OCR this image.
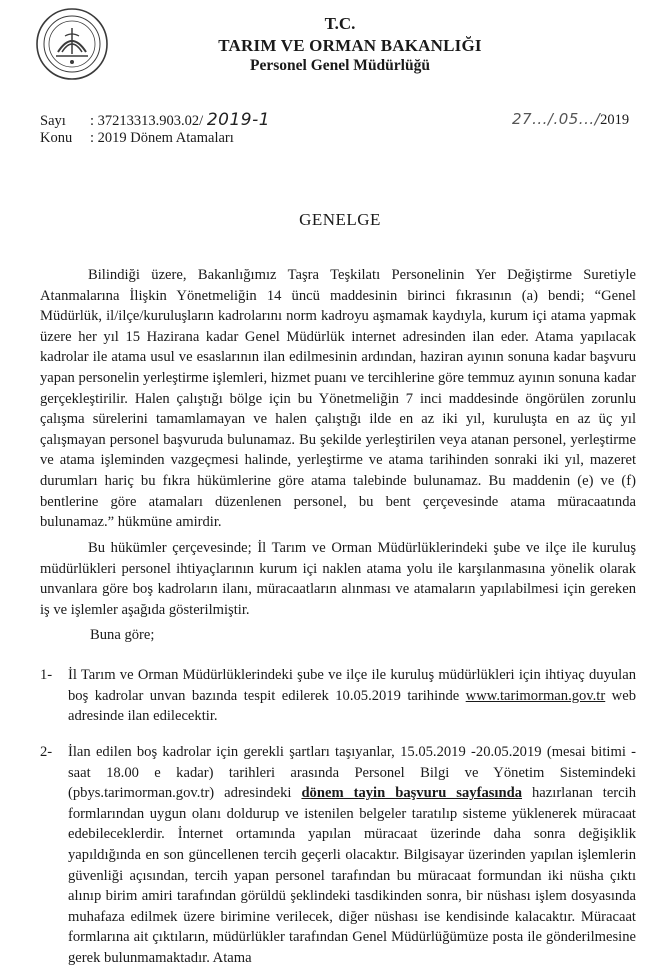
T.C.
TARIM VE ORMAN BAKANLIĞI
Personel Genel Müdürlüğü
Sayı : 37213313.903.02/ 2019-1
Konu : 2019 Dönem Atamaları
27.../.05.../2019
GENELGE

Bilindiği üzere, Bakanlığımız Taşra Teşkilatı Personelinin Yer Değiştirme Suretiyle Atanmalarına İlişkin Yönetmeliğin 14 üncü maddesinin birinci fıkrasının (a) bendi; “Genel Müdürlük, il/ilçe/kuruluşların kadrolarını norm kadroyu aşmamak kaydıyla, kurum içi atama yapmak üzere her yıl 15 Hazirana kadar Genel Müdürlük internet adresinden ilan eder. Atama yapılacak kadrolar ile atama usul ve esaslarının ilan edilmesinin ardından, haziran ayının sonuna kadar başvuru yapan personelin yerleştirme işlemleri, hizmet puanı ve tercihlerine göre temmuz ayının sonuna kadar gerçekleştirilir. Halen çalıştığı bölge için bu Yönetmeliğin 7 inci maddesinde öngörülen zorunlu çalışma sürelerini tamamlamayan ve halen çalıştığı ilde en az iki yıl, kuruluşta en az üç yıl çalışmayan personel başvuruda bulunamaz. Bu şekilde yerleştirilen veya atanan personel, yerleştirme ve atama işleminden vazgeçmesi halinde, yerleştirme ve atama tarihinden sonraki iki yıl, mazeret durumları hariç bu fıkra hükümlerine göre atama talebinde bulunamaz. Bu maddenin (e) ve (f) bentlerine göre atamaları düzenlenen personel, bu bent çerçevesinde atama müracaatında bulunamaz.” hükmüne amirdir.

Bu hükümler çerçevesinde; İl Tarım ve Orman Müdürlüklerindeki şube ve ilçe ile kuruluş müdürlükleri personel ihtiyaçlarının kurum içi naklen atama yolu ile karşılanmasına yönelik olarak unvanlara göre boş kadroların ilanı, müracaatların alınması ve atamaların yapılabilmesi için gereken iş ve işlemler aşağıda gösterilmiştir.

Buna göre;

1-	İl Tarım ve Orman Müdürlüklerindeki şube ve ilçe ile kuruluş müdürlükleri için ihtiyaç duyulan boş kadrolar unvan bazında tespit edilerek 10.05.2019 tarihinde www.tarimorman.gov.tr web adresinde ilan edilecektir.
2-	İlan edilen boş kadrolar için gerekli şartları taşıyanlar, 15.05.2019 -20.05.2019 (mesai bitimi - saat 18.00 e kadar) tarihleri arasında Personel Bilgi ve Yönetim Sistemindeki (pbys.tarimorman.gov.tr) adresindeki dönem tayin başvuru sayfasında hazırlanan tercih formlarından uygun olanı doldurup ve istenilen belgeler taratılıp sisteme yüklenerek müracaat edebileceklerdir. İnternet ortamında yapılan müracaat üzerinde daha sonra değişiklik yapıldığında en son güncellenen tercih geçerli olacaktır. Bilgisayar üzerinden yapılan işlemlerin güvenliği açısından, tercih yapan personel tarafından bu müracaat formundan iki nüsha çıktı alınıp birim amiri tarafından görüldü şeklindeki tasdikinden sonra, bir nüshası işlem dosyasında muhafaza edilmek üzere birimine verilecek, diğer nüshası ise kendisinde kalacaktır. Müracaat formlarına ait çıktıların, müdürlükler tarafından Genel Müdürlüğümüze posta ile gönderilmesine gerek bulunmamaktadır. Atama
